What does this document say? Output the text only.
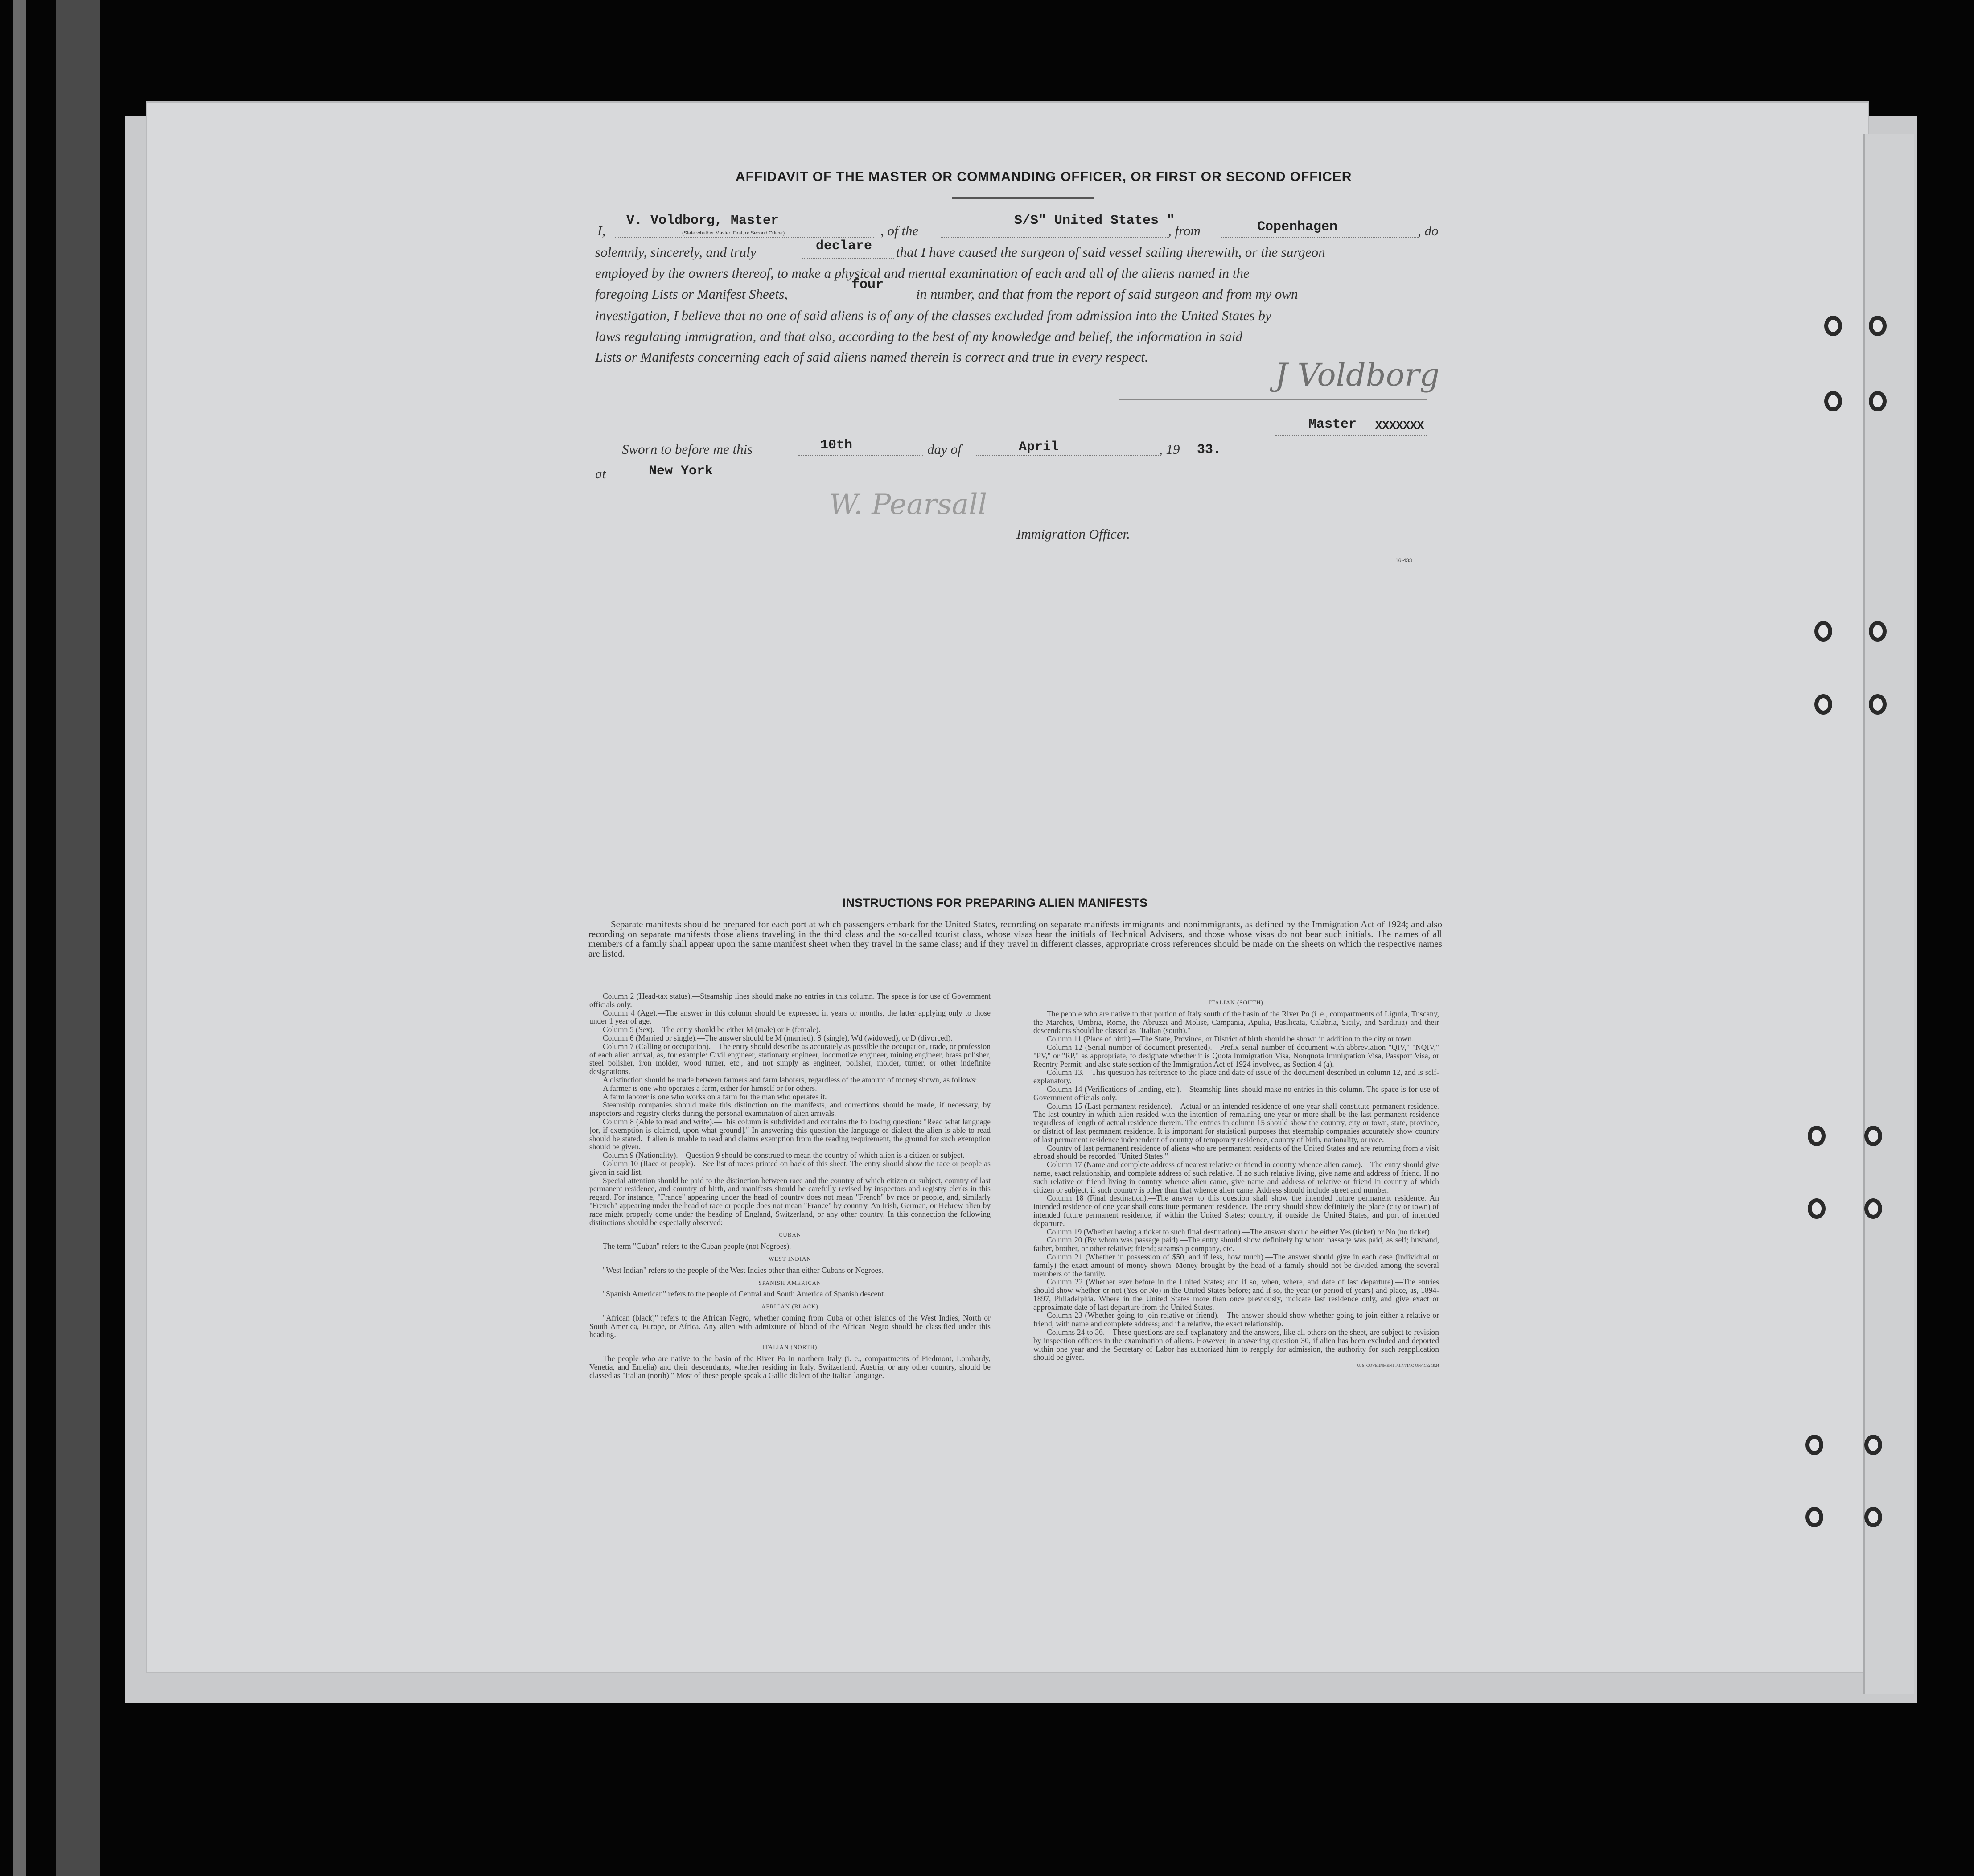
AFFIDAVIT OF THE MASTER OR COMMANDING OFFICER, OR FIRST OR SECOND OFFICER
I,
V. Voldborg, Master
(State whether Master, First, or Second Officer)	, of the
S/S" United States "
, from	Copenhagen	, do
solemnly, sincerely, and truly	declare that I have caused the surgeon of said vessel sailing therewith, or the surgeon
employed by the owners thereof, to make a physical and mental examination of each and all of the aliens named in the
foregoing Lists or Manifest Sheets,
four
in number, and that from the report of said surgeon and from my own
investigation, I believe that no one of said aliens is of any of the classes excluded from admission into the United States by
laws regulating immigration, and that also, according to the best of my knowledge and belief, the information in said
Lists or Manifests concerning each of said aliens named therein is correct and true in every respect.	J Voldborg
Master XXXXXXX
Sworn to before me this	10th	day of	April	, 19 33.
at	New York
W. Pearsall
Immigration Officer.
16-433
INSTRUCTIONS FOR PREPARING ALIEN MANIFESTS
Separate manifests should be prepared for each port at which passengers embark for the United States, recording on separate manifests immigrants and nonimmigrants, as defined by the Immigration Act of 1924; and also recording on separate manifests those aliens traveling in the third class and the so-called tourist class, whose visas bear the initials of Technical Advisers, and those whose visas do not bear such initials. The names of all members of a family shall appear upon the same manifest sheet when they travel in the same class; and if they travel in different classes, appropriate cross references should be made on the sheets on which the respective names are listed.

Column 2 (Head-tax status).—Steamship lines should make no entries in this column. The space is for use of Government officials only.

Column 4 (Age).—The answer in this column should be expressed in years or months, the latter applying only to those under 1 year of age.

Column 5 (Sex).—The entry should be either M (male) or F (female).

Column 6 (Married or single).—The answer should be M (married), S (single), Wd (widowed), or D (divorced).

Column 7 (Calling or occupation).—The entry should describe as accurately as possible the occupation, trade, or profession of each alien arrival, as, for example: Civil engineer, stationary engineer, locomotive engineer, mining engineer, brass polisher, steel polisher, iron molder, wood turner, etc., and not simply as engineer, polisher, molder, turner, or other indefinite designations.

A distinction should be made between farmers and farm laborers, regardless of the amount of money shown, as follows:

A farmer is one who operates a farm, either for himself or for others.

A farm laborer is one who works on a farm for the man who operates it.

Steamship companies should make this distinction on the manifests, and corrections should be made, if necessary, by inspectors and registry clerks during the personal examination of alien arrivals.

Column 8 (Able to read and write).—This column is subdivided and contains the following question: "Read what language [or, if exemption is claimed, upon what ground]." In answering this question the language or dialect the alien is able to read should be stated. If alien is unable to read and claims exemption from the reading requirement, the ground for such exemption should be given.

Column 9 (Nationality).—Question 9 should be construed to mean the country of which alien is a citizen or subject.

Column 10 (Race or people).—See list of races printed on back of this sheet. The entry should show the race or people as given in said list.

Special attention should be paid to the distinction between race and the country of which citizen or subject, country of last permanent residence, and country of birth, and manifests should be carefully revised by inspectors and registry clerks in this regard. For instance, "France" appearing under the head of country does not mean "French" by race or people, and, similarly "French" appearing under the head of race or people does not mean "France" by country. An Irish, German, or Hebrew alien by race might properly come under the heading of England, Switzerland, or any other country. In this connection the following distinctions should be especially observed:

CUBAN

The term "Cuban" refers to the Cuban people (not Negroes).

WEST INDIAN

"West Indian" refers to the people of the West Indies other than either Cubans or Negroes.

SPANISH AMERICAN

"Spanish American" refers to the people of Central and South America of Spanish descent.

AFRICAN (BLACK)

"African (black)" refers to the African Negro, whether coming from Cuba or other islands of the West Indies, North or South America, Europe, or Africa. Any alien with admixture of blood of the African Negro should be classified under this heading.

ITALIAN (NORTH)

The people who are native to the basin of the River Po in northern Italy (i. e., compartments of Piedmont, Lombardy, Venetia, and Emelia) and their descendants, whether residing in Italy, Switzerland, Austria, or any other country, should be classed as "Italian (north)." Most of these people speak a Gallic dialect of the Italian language.

ITALIAN (SOUTH)

The people who are native to that portion of Italy south of the basin of the River Po (i. e., compartments of Liguria, Tuscany, the Marches, Umbria, Rome, the Abruzzi and Molise, Campania, Apulia, Basilicata, Calabria, Sicily, and Sardinia) and their descendants should be classed as "Italian (south)."

Column 11 (Place of birth).—The State, Province, or District of birth should be shown in addition to the city or town.

Column 12 (Serial number of document presented).—Prefix serial number of document with abbreviation "QIV," "NQIV," "PV," or "RP," as appropriate, to designate whether it is Quota Immigration Visa, Nonquota Immigration Visa, Passport Visa, or Reentry Permit; and also state section of the Immigration Act of 1924 involved, as Section 4 (a).

Column 13.—This question has reference to the place and date of issue of the document described in column 12, and is self-explanatory.

Column 14 (Verifications of landing, etc.).—Steamship lines should make no entries in this column. The space is for use of Government officials only.

Column 15 (Last permanent residence).—Actual or an intended residence of one year shall constitute permanent residence. The last country in which alien resided with the intention of remaining one year or more shall be the last permanent residence regardless of length of actual residence therein. The entries in column 15 should show the country, city or town, state, province, or district of last permanent residence. It is important for statistical purposes that steamship companies accurately show country of last permanent residence independent of country of temporary residence, country of birth, nationality, or race.

Country of last permanent residence of aliens who are permanent residents of the United States and are returning from a visit abroad should be recorded "United States."

Column 17 (Name and complete address of nearest relative or friend in country whence alien came).—The entry should give name, exact relationship, and complete address of such relative. If no such relative living, give name and address of friend. If no such relative or friend living in country whence alien came, give name and address of relative or friend in country of which citizen or subject, if such country is other than that whence alien came. Address should include street and number.

Column 18 (Final destination).—The answer to this question shall show the intended future permanent residence. An intended residence of one year shall constitute permanent residence. The entry should show definitely the place (city or town) of intended future permanent residence, if within the United States; country, if outside the United States, and port of intended departure.

Column 19 (Whether having a ticket to such final destination).—The answer should be either Yes (ticket) or No (no ticket).

Column 20 (By whom was passage paid).—The entry should show definitely by whom passage was paid, as self; husband, father, brother, or other relative; friend; steamship company, etc.

Column 21 (Whether in possession of $50, and if less, how much).—The answer should give in each case (individual or family) the exact amount of money shown. Money brought by the head of a family should not be divided among the several members of the family.

Column 22 (Whether ever before in the United States; and if so, when, where, and date of last departure).—The entries should show whether or not (Yes or No) in the United States before; and if so, the year (or period of years) and place, as, 1894-1897, Philadelphia. Where in the United States more than once previously, indicate last residence only, and give exact or approximate date of last departure from the United States.

Column 23 (Whether going to join relative or friend).—The answer should show whether going to join either a relative or friend, with name and complete address; and if a relative, the exact relationship.

Columns 24 to 36.—These questions are self-explanatory and the answers, like all others on the sheet, are subject to revision by inspection officers in the examination of aliens. However, in answering question 30, if alien has been excluded and deported within one year and the Secretary of Labor has authorized him to reapply for admission, the authority for such reapplication should be given.

U. S. GOVERNMENT PRINTING OFFICE: 1924
